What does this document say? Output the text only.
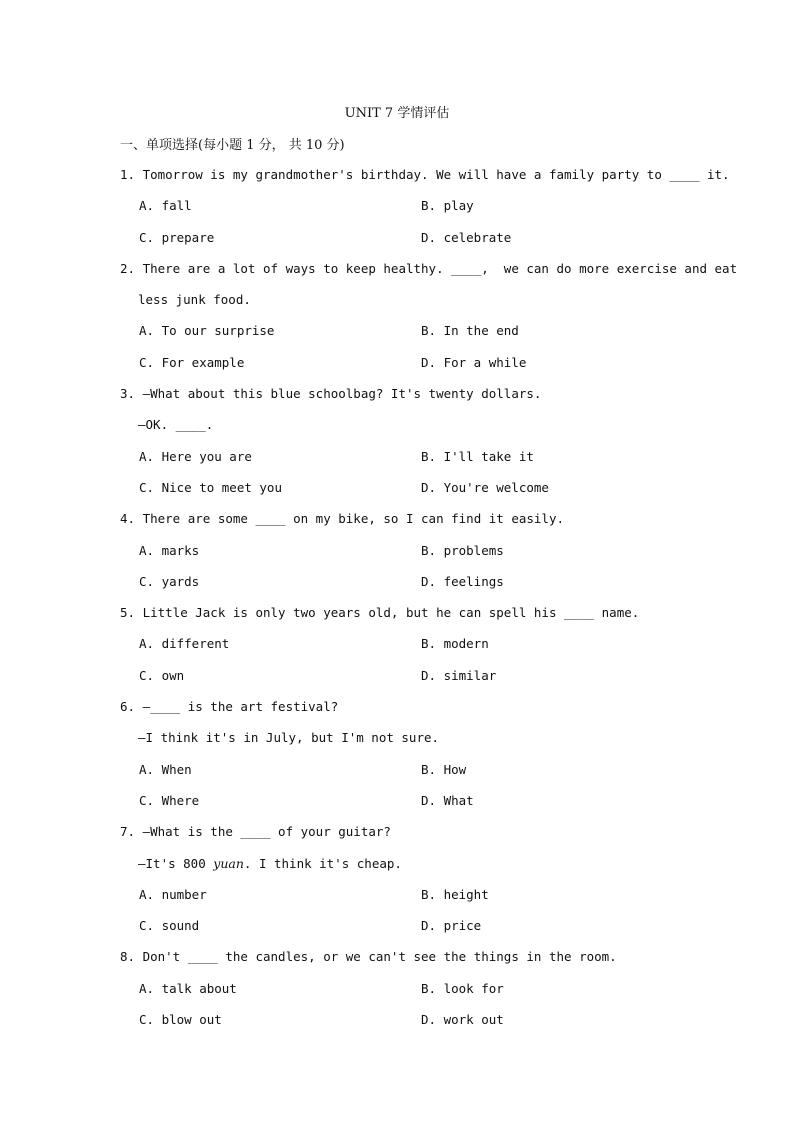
UNIT 7 学情评估
一、单项选择(每小题 1 分， 共 10 分)
1. Tomorrow is my grandmother's birthday. We will have a family party to ____ it.
A. fall	B. play
C. prepare	D. celebrate
2. There are a lot of ways to keep healthy. ____,  we can do more exercise and eat
less junk food.
A. To our surprise	B. In the end
C. For example	D. For a while
3. —What about this blue schoolbag? It's twenty dollars.
—OK. ____.
A. Here you are	B. I'll take it
C. Nice to meet you	D. You're welcome
4. There are some ____ on my bike, so I can find it easily.
A. marks	B. problems
C. yards	D. feelings
5. Little Jack is only two years old, but he can spell his ____ name.
A. different	B. modern
C. own	D. similar
6. —____ is the art festival?
—I think it's in July, but I'm not sure.
A. When	B. How
C. Where	D. What
7. —What is the ____ of your guitar?
—It's 800 yuan. I think it's cheap.
A. number	B. height
C. sound	D. price
8. Don't ____ the candles, or we can't see the things in the room.
A. talk about	B. look for
C. blow out	D. work out
